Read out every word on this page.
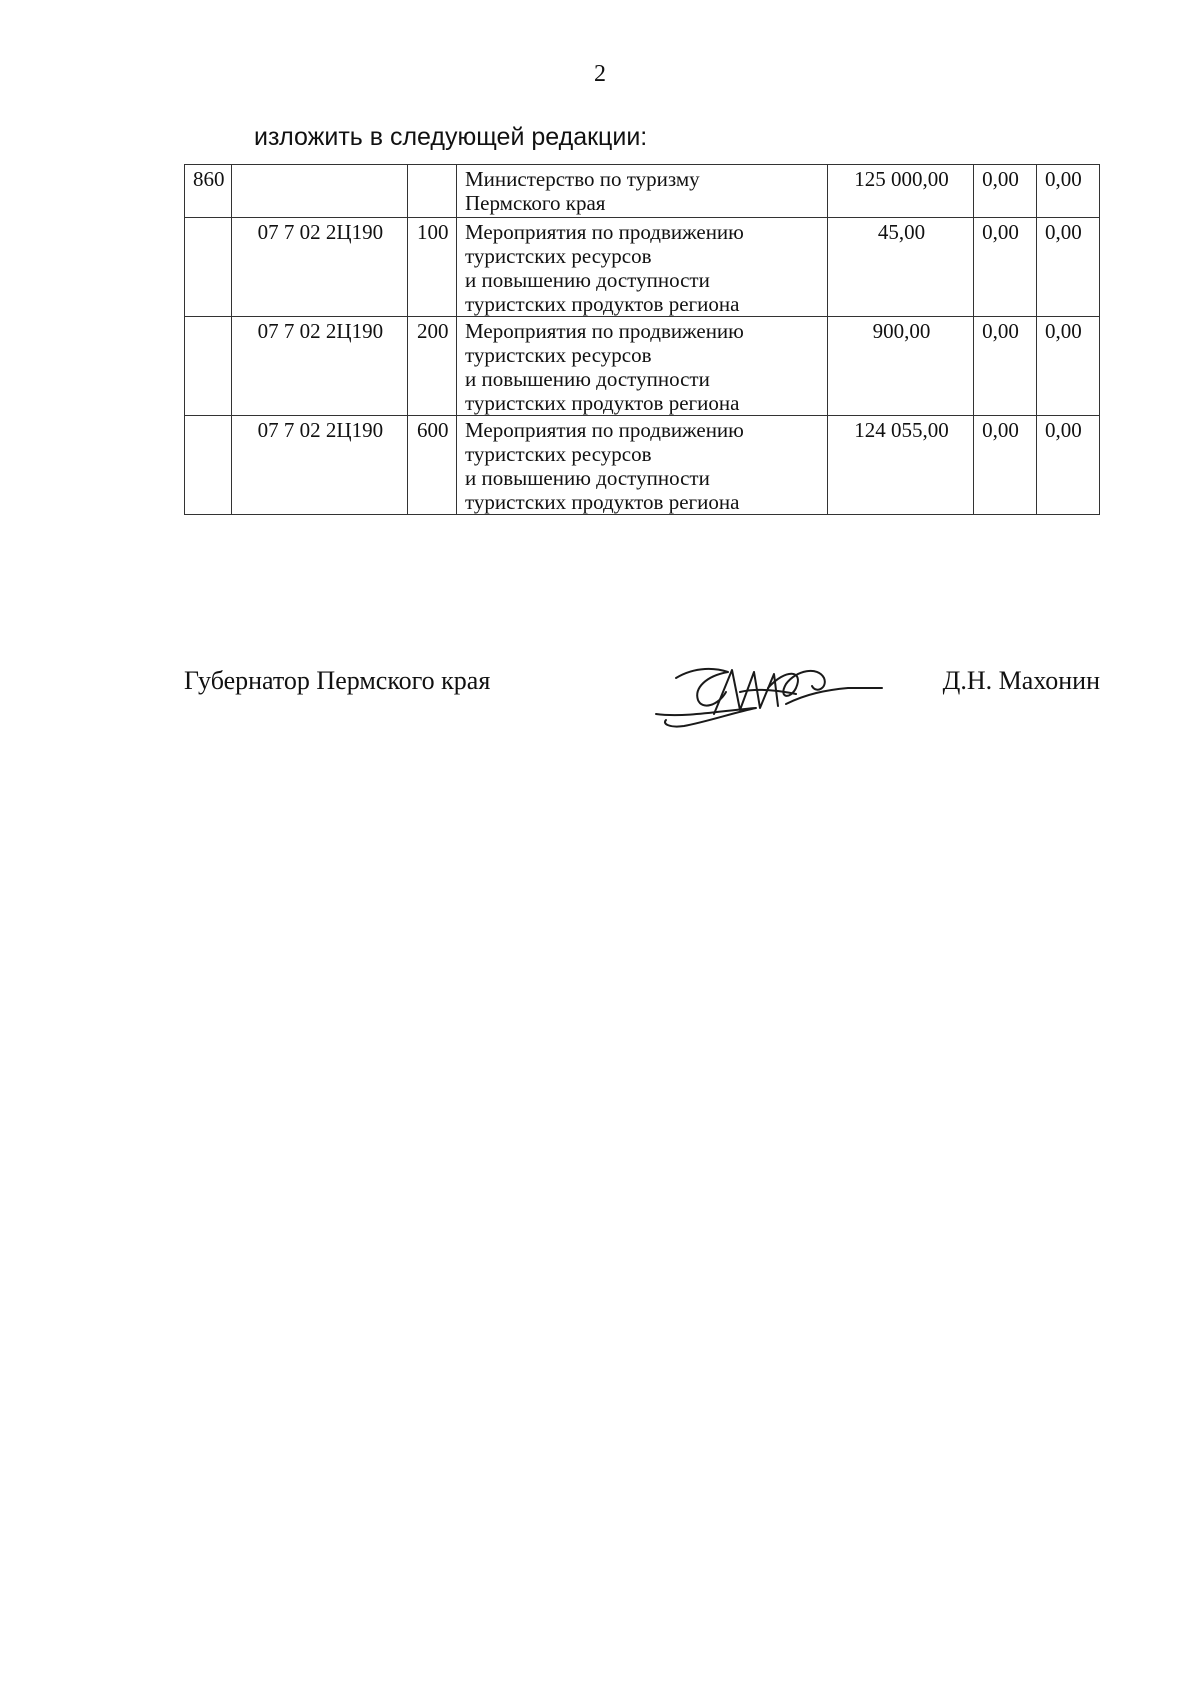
2
изложить в следующей редакции:
860			Министерство по туризму
Пермского края	125 000,00	0,00	0,00
	07 7 02 2Ц190	100	Мероприятия по продвижению
туристских ресурсов
и повышению доступности
туристских продуктов региона	45,00	0,00	0,00
	07 7 02 2Ц190	200	Мероприятия по продвижению
туристских ресурсов
и повышению доступности
туристских продуктов региона	900,00	0,00	0,00
	07 7 02 2Ц190	600	Мероприятия по продвижению
туристских ресурсов
и повышению доступности
туристских продуктов региона	124 055,00	0,00	0,00
Губернатор Пермского края	Д.Н. Махонин
